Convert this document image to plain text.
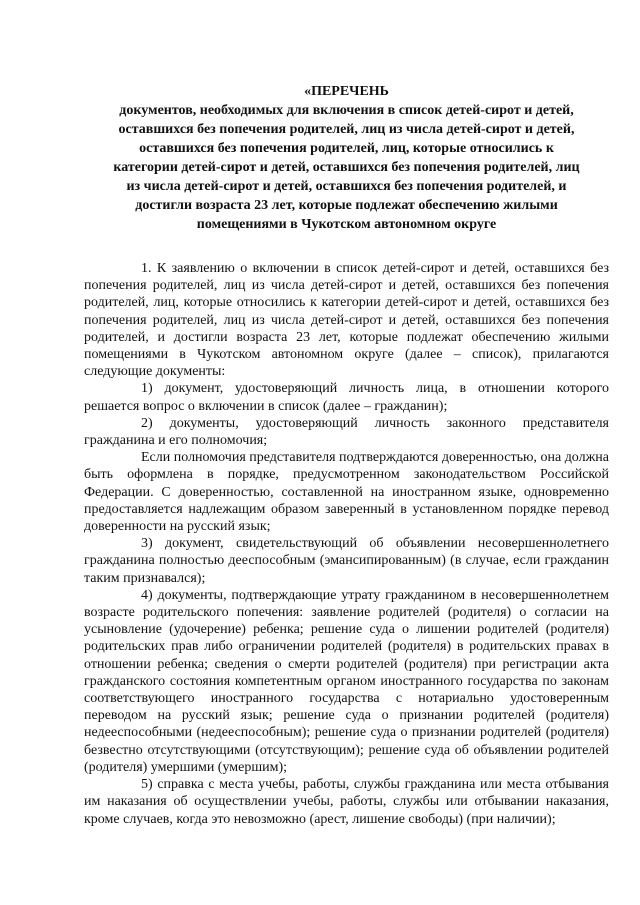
«ПЕРЕЧЕНЬ
документов, необходимых для включения в список детей-сирот и детей,
оставшихся без попечения родителей, лиц из числа детей-сирот и детей,
оставшихся без попечения родителей, лиц, которые относились к
категории детей-сирот и детей, оставшихся без попечения родителей, лиц
из числа детей-сирот и детей, оставшихся без попечения родителей, и
достигли возраста 23 лет, которые подлежат обеспечению жилыми
помещениями в Чукотском автономном округе

1. К заявлению о включении в список детей-сирот и детей, оставшихся без попечения родителей, лиц из числа детей-сирот и детей, оставшихся без попечения родителей, лиц, которые относились к категории детей-сирот и детей, оставшихся без попечения родителей, лиц из числа детей-сирот и детей, оставшихся без попечения родителей, и достигли возраста 23 лет, которые подлежат обеспечению жилыми помещениями в Чукотском автономном округе (далее – список), прилагаются следующие документы:

1) документ, удостоверяющий личность лица, в отношении которого решается вопрос о включении в список (далее – гражданин);

2) документы, удостоверяющий личность законного представителя гражданина и его полномочия;

Если полномочия представителя подтверждаются доверенностью, она должна быть оформлена в порядке, предусмотренном законодательством Российской Федерации. С доверенностью, составленной на иностранном языке, одновременно предоставляется надлежащим образом заверенный в установленном порядке перевод доверенности на русский язык;

3) документ, свидетельствующий об объявлении несовершеннолетнего гражданина полностью дееспособным (эмансипированным) (в случае, если гражданин таким признавался);

4) документы, подтверждающие утрату гражданином в несовершеннолетнем возрасте родительского попечения: заявление родителей (родителя) о согласии на усыновление (удочерение) ребенка; решение суда о лишении родителей (родителя) родительских прав либо ограничении родителей (родителя) в родительских правах в отношении ребенка; сведения о смерти родителей (родителя) при регистрации акта гражданского состояния компетентным органом иностранного государства по законам соответствующего иностранного государства с нотариально удостоверенным переводом на русский язык; решение суда о признании родителей (родителя) недееспособными (недееспособным); решение суда о признании родителей (родителя) безвестно отсутствующими (отсутствующим); решение суда об объявлении родителей (родителя) умершими (умершим);

5) справка с места учебы, работы, службы гражданина или места отбывания им наказания об осуществлении учебы, работы, службы или отбывании наказания, кроме случаев, когда это невозможно (арест, лишение свободы) (при наличии);
